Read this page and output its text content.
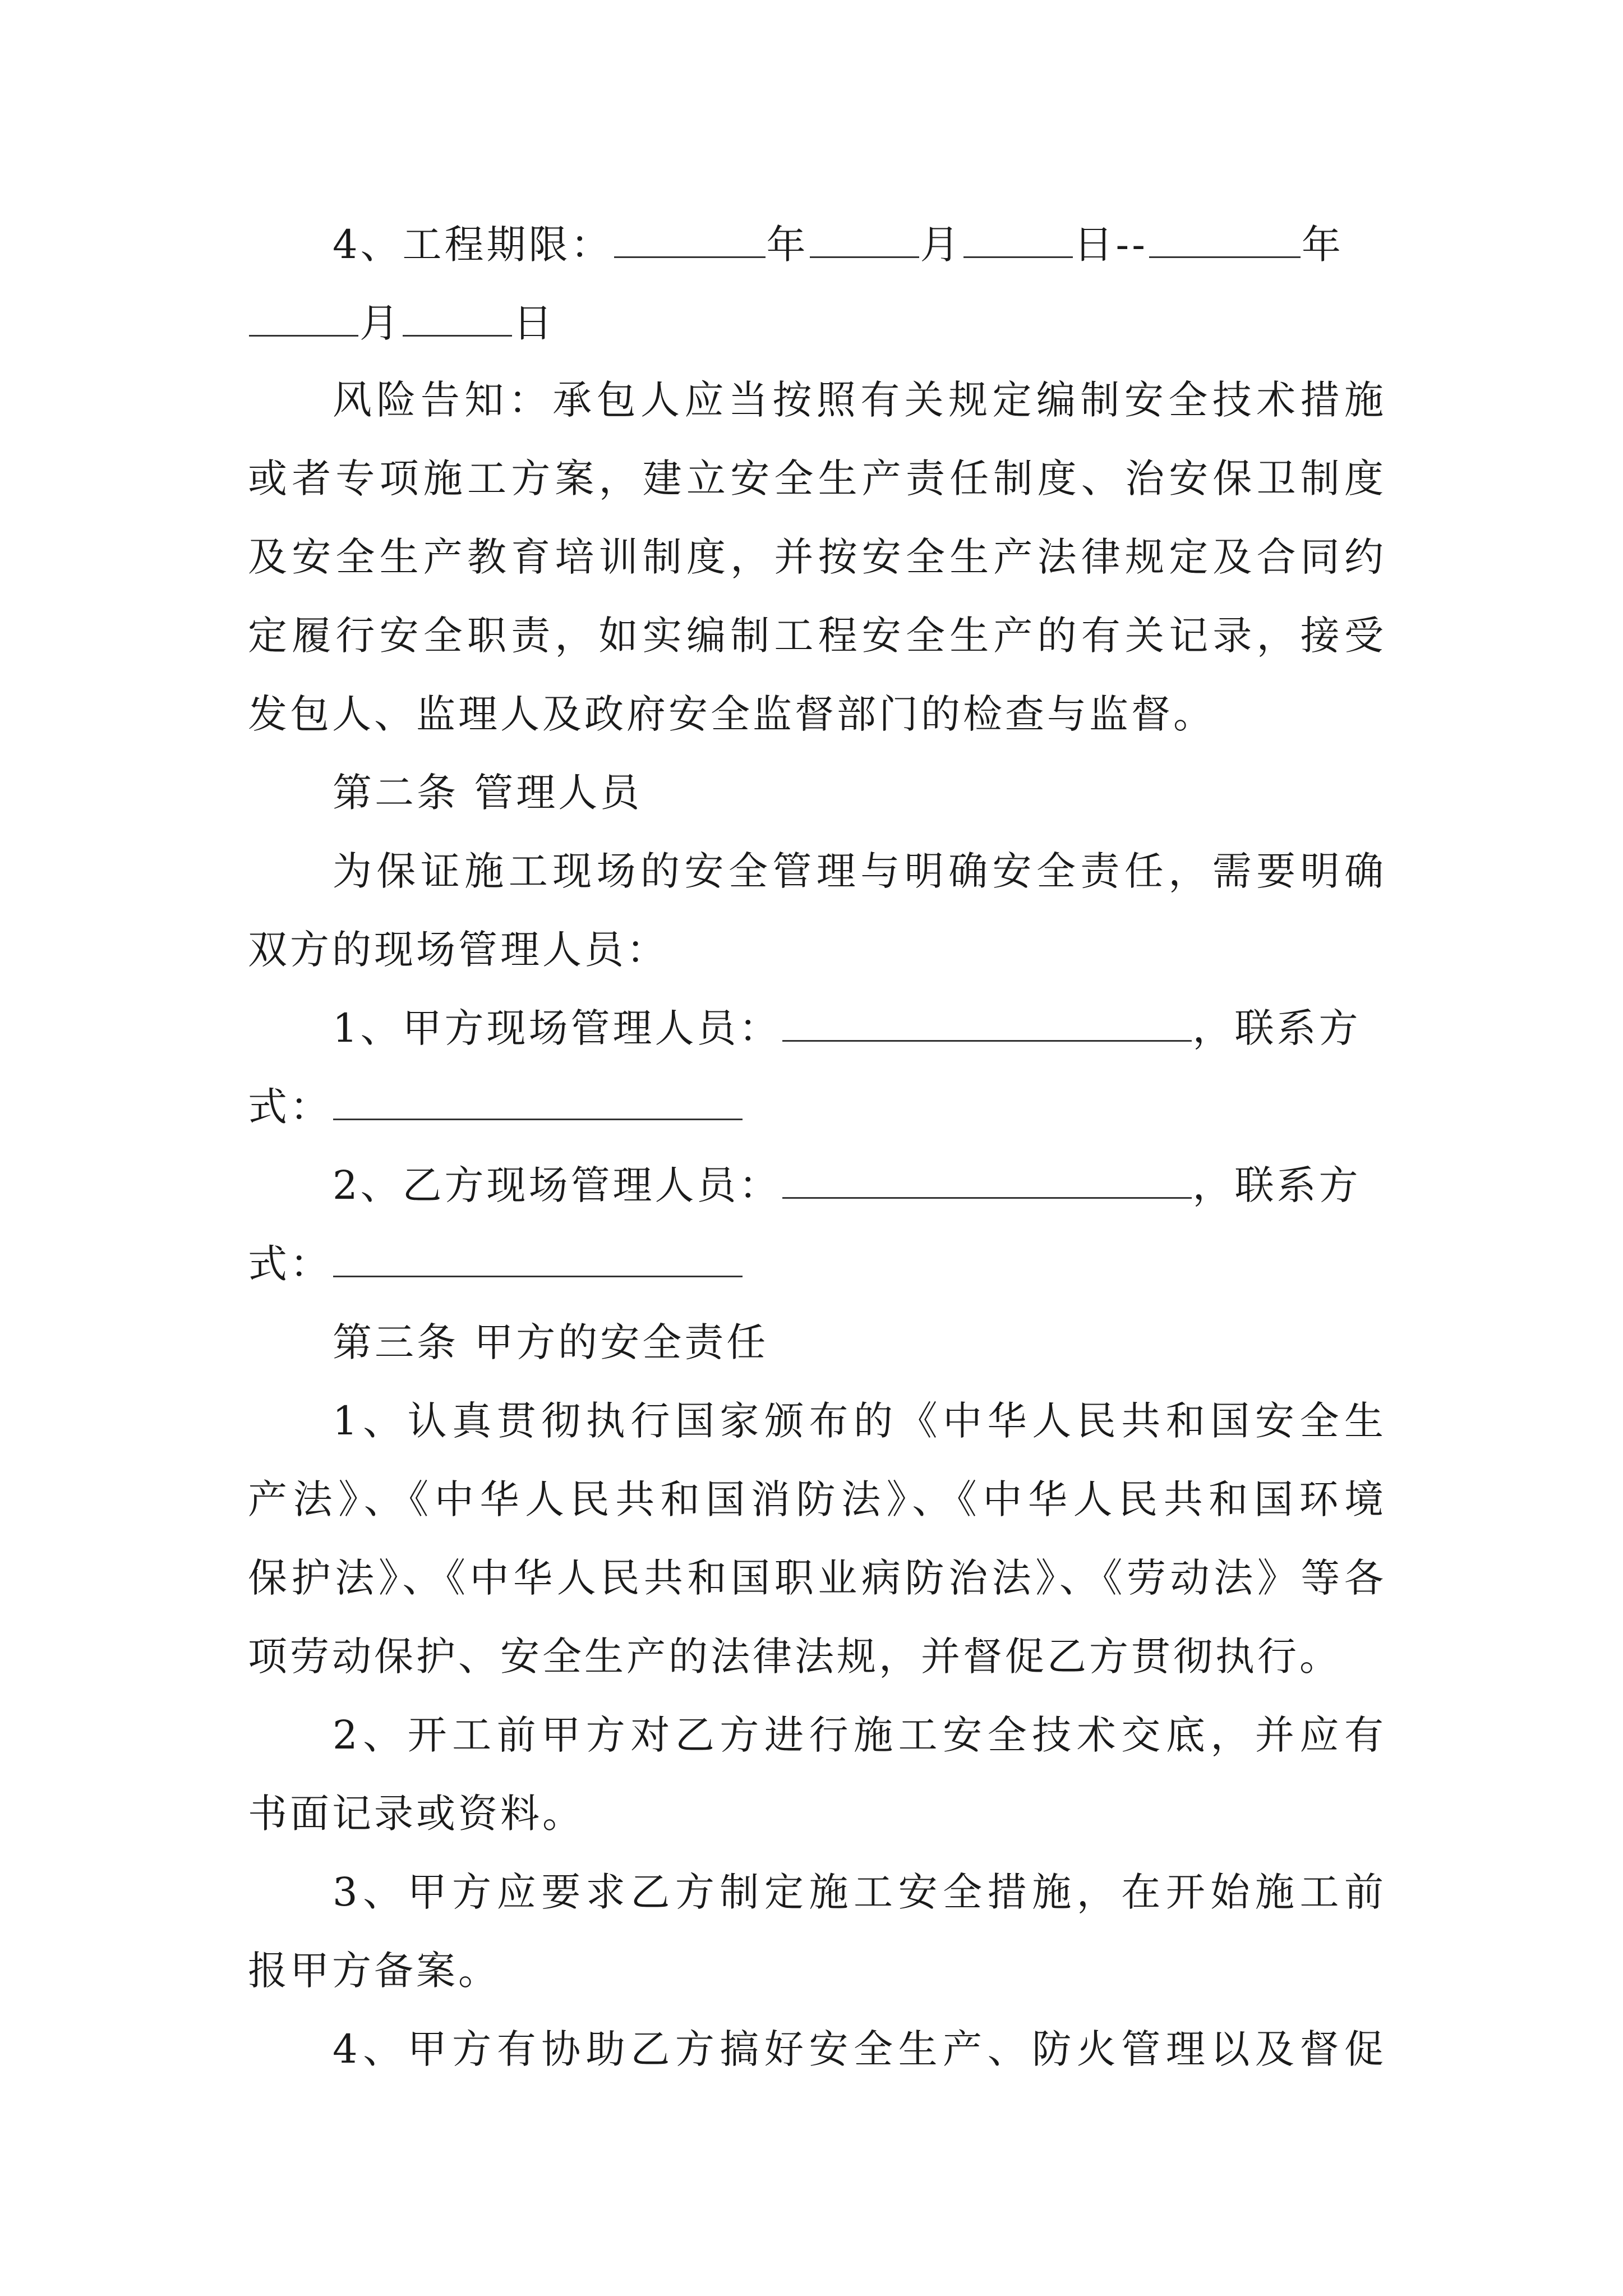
4、工程期限：	年	月	日--	年
月	日
风险告知：承包人应当按照有关规定编制安全技术措施
或者专项施工方案，建立安全生产责任制度、治安保卫制度
及安全生产教育培训制度，并按安全生产法律规定及合同约
定履行安全职责，如实编制工程安全生产的有关记录，接受
发包人、监理人及政府安全监督部门的检查与监督。
第二条 管理人员
为保证施工现场的安全管理与明确安全责任，需要明确
双方的现场管理人员：
1、甲方现场管理人员：	，联系方
式：
2、乙方现场管理人员：	，联系方
式：
第三条 甲方的安全责任
1、认真贯彻执行国家颁布的《中华人民共和国安全生
产法》、《中华人民共和国消防法》、《中华人民共和国环境
保护法》、《中华人民共和国职业病防治法》、《劳动法》等各
项劳动保护、安全生产的法律法规，并督促乙方贯彻执行。
2、开工前甲方对乙方进行施工安全技术交底，并应有
书面记录或资料。
3、甲方应要求乙方制定施工安全措施，在开始施工前
报甲方备案。
4、甲方有协助乙方搞好安全生产、防火管理以及督促
